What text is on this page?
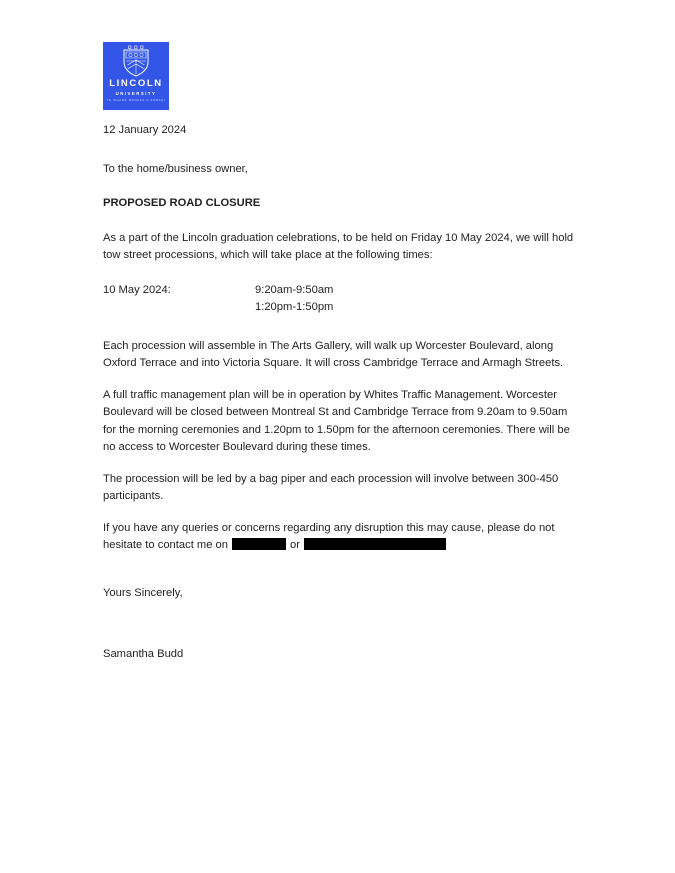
LINCOLN
UNIVERSITY
TE WHARE WANAKA O AORAKI
12 January 2024
To the home/business owner,
PROPOSED ROAD CLOSURE
As a part of the Lincoln graduation celebrations, to be held on Friday 10 May 2024, we will hold tow street processions, which will take place at the following times:
10 May 2024:	9:20am-9:50am
1:20pm-1:50pm
Each procession will assemble in The Arts Gallery, will walk up Worcester Boulevard, along Oxford Terrace and into Victoria Square. It will cross Cambridge Terrace and Armagh Streets.
A full traffic management plan will be in operation by Whites Traffic Management. Worcester Boulevard will be closed between Montreal St and Cambridge Terrace from 9.20am to 9.50am for the morning ceremonies and 1.20pm to 1.50pm for the afternoon ceremonies. There will be no access to Worcester Boulevard during these times.
The procession will be led by a bag piper and each procession will involve between 300-450 participants.
If you have any queries or concerns regarding any disruption this may cause, please do not hesitate to contact me on	or
Yours Sincerely,
Samantha Budd
